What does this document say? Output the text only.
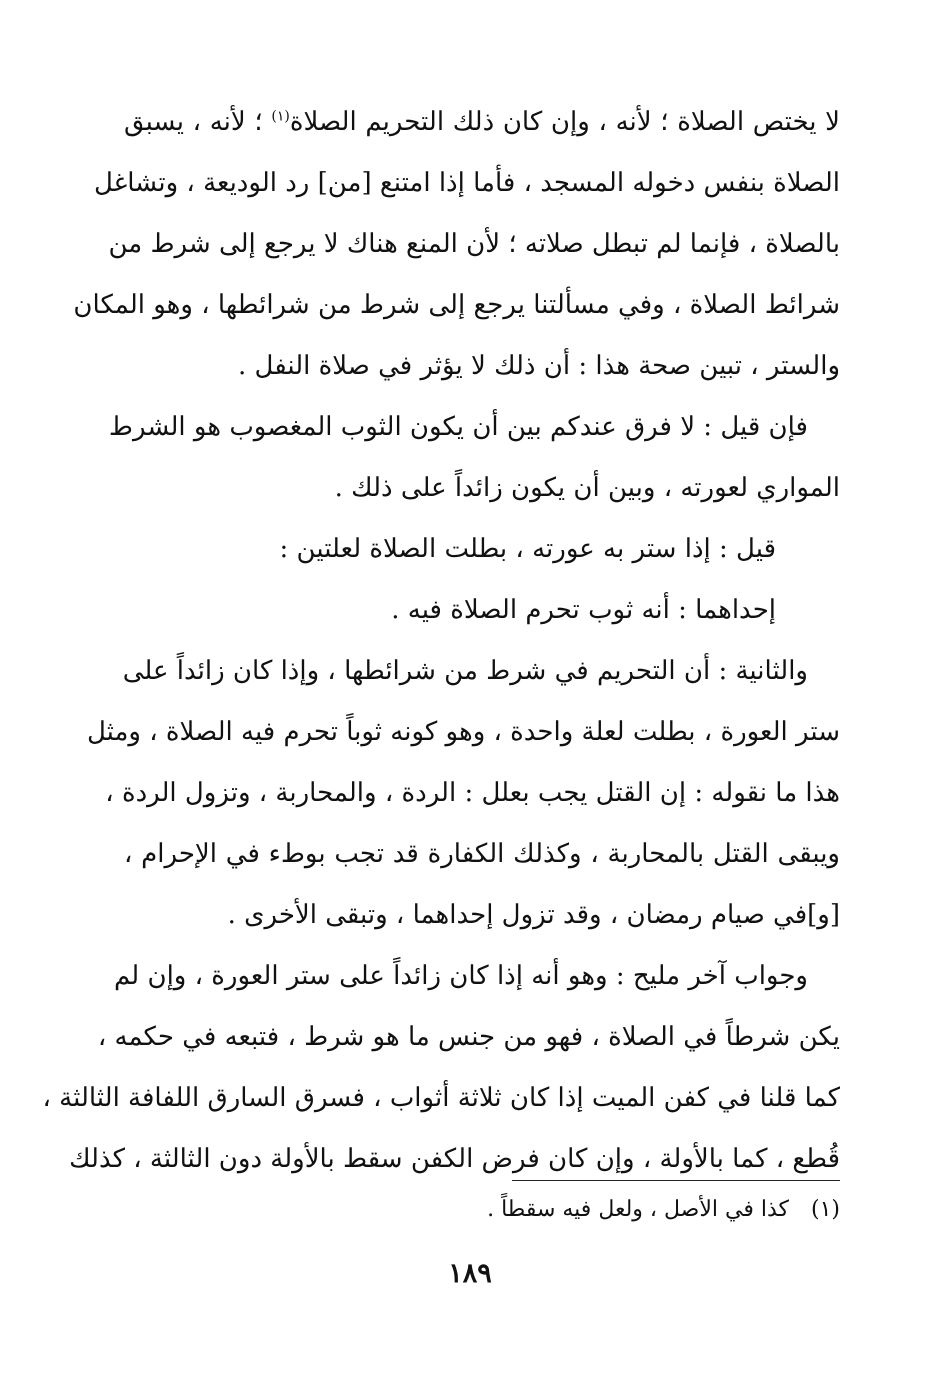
لا يختص الصلاة ؛ لأنه ، وإن كان ذلك التحريم الصلاة$^{(١)}$ ؛ لأنه ، يسبق
الصلاة بنفس دخوله المسجد ، فأما إذا امتنع [من] رد الوديعة ، وتشاغل
بالصلاة ، فإنما لم تبطل صلاته ؛ لأن المنع هناك لا يرجع إلى شرط من
شرائط الصلاة ، وفي مسألتنا يرجع إلى شرط من شرائطها ، وهو المكان
والستر ، تبين صحة هذا : أن ذلك لا يؤثر في صلاة النفل .
فإن قيل : لا فرق عندكم بين أن يكون الثوب المغصوب هو الشرط
المواري لعورته ، وبين أن يكون زائداً على ذلك .
قيل : إذا ستر به عورته ، بطلت الصلاة لعلتين :
إحداهما : أنه ثوب تحرم الصلاة فيه .
والثانية : أن التحريم في شرط من شرائطها ، وإذا كان زائداً على
ستر العورة ، بطلت لعلة واحدة ، وهو كونه ثوباً تحرم فيه الصلاة ، ومثل
هذا ما نقوله : إن القتل يجب بعلل : الردة ، والمحاربة ، وتزول الردة ،
ويبقى القتل بالمحاربة ، وكذلك الكفارة قد تجب بوطء في الإحرام ،
[و]في صيام رمضان ، وقد تزول إحداهما ، وتبقى الأخرى .
وجواب آخر مليح : وهو أنه إذا كان زائداً على ستر العورة ، وإن لم
يكن شرطاً في الصلاة ، فهو من جنس ما هو شرط ، فتبعه في حكمه ،
كما قلنا في كفن الميت إذا كان ثلاثة أثواب ، فسرق السارق اللفافة الثالثة ،
قُطع ، كما بالأولة ، وإن كان فرض الكفن سقط بالأولة دون الثالثة ، كذلك
(١)كذا في الأصل ، ولعل فيه سقطاً .
١٨٩
